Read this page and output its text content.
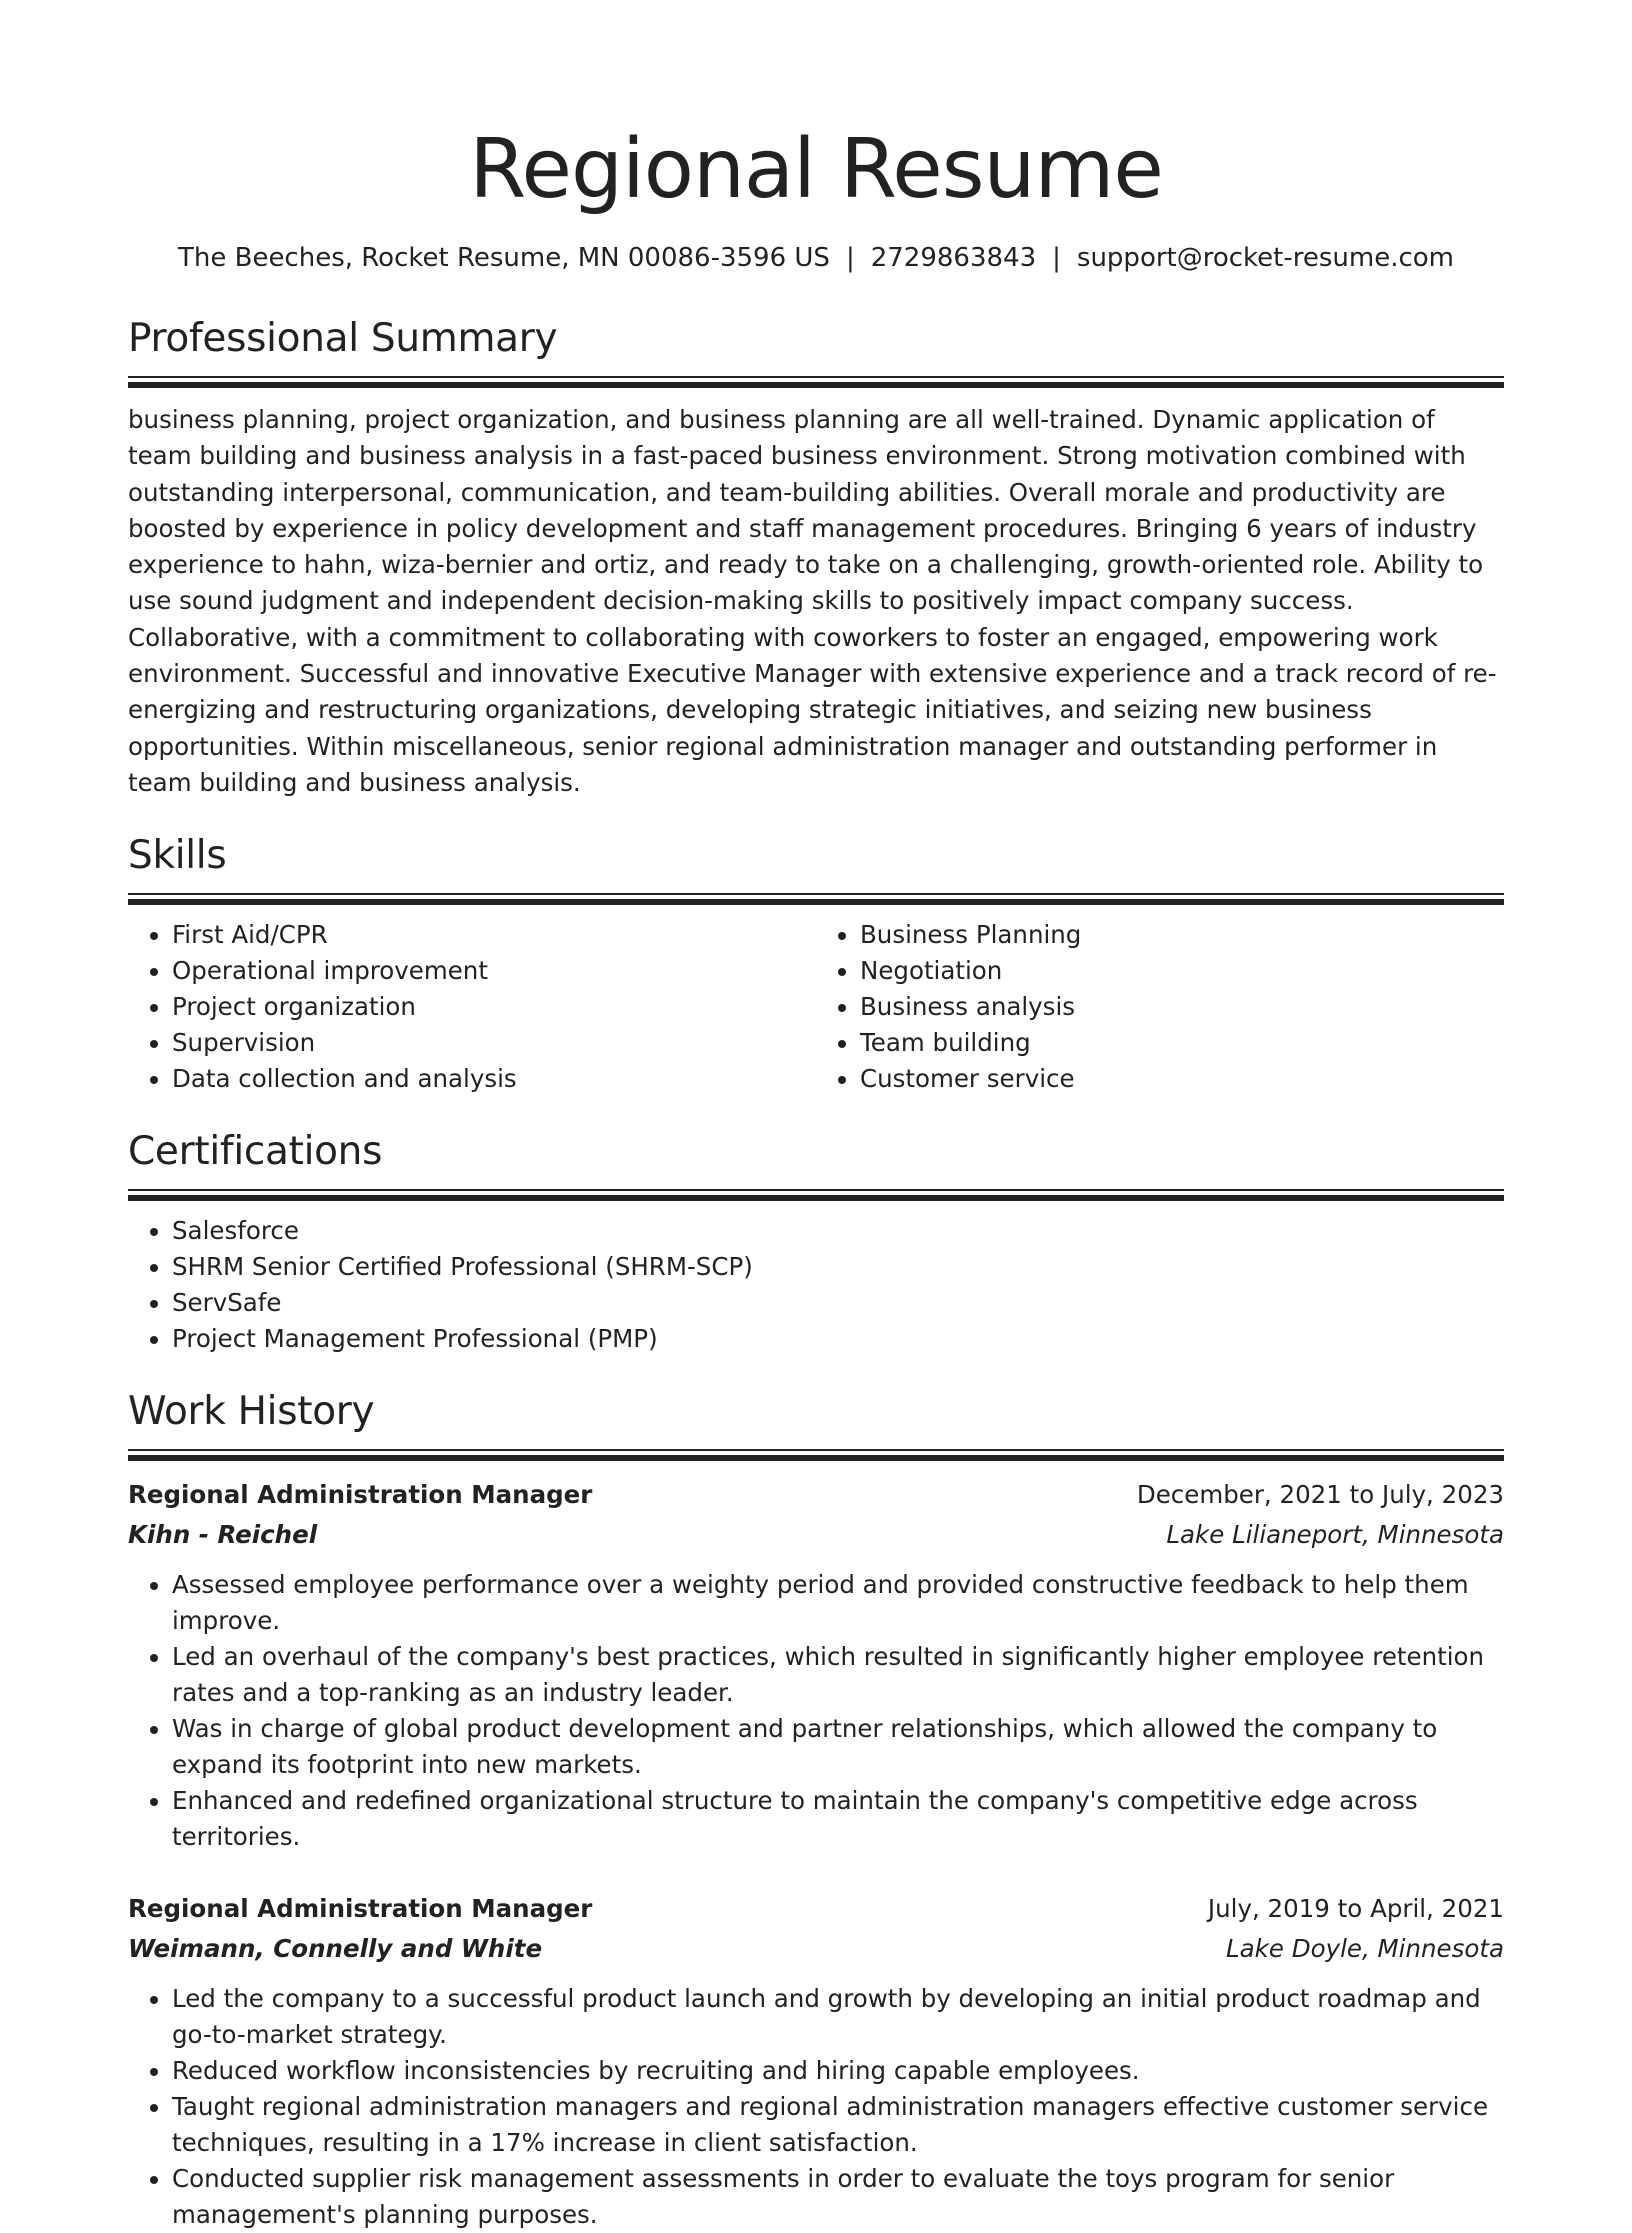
Regional Resume
The Beeches, Rocket Resume, MN 00086-3596 US | 2729863843 | support@rocket-resume.com
Professional Summary
business planning, project organization, and business planning are all well-trained. Dynamic application of team building and business analysis in a fast-paced business environment. Strong motivation combined with outstanding interpersonal, communication, and team-building abilities. Overall morale and productivity are boosted by experience in policy development and staff management procedures. Bringing 6 years of industry experience to hahn, wiza-bernier and ortiz, and ready to take on a challenging, growth-oriented role. Ability to use sound judgment and independent decision-making skills to positively impact company success. Collaborative, with a commitment to collaborating with coworkers to foster an engaged, empowering work environment. Successful and innovative Executive Manager with extensive experience and a track record of re-energizing and restructuring organizations, developing strategic initiatives, and seizing new business opportunities. Within miscellaneous, senior regional administration manager and outstanding performer in team building and business analysis.
Skills
• First Aid/CPR
• Operational improvement
• Project organization
• Supervision
• Data collection and analysis
• Business Planning
• Negotiation
• Business analysis
• Team building
• Customer service
Certifications
• Salesforce
• SHRM Senior Certified Professional (SHRM-SCP)
• ServSafe
• Project Management Professional (PMP)
Work History
Regional Administration Manager	December, 2021 to July, 2023
Kihn - Reichel	Lake Lilianeport, Minnesota
• Assessed employee performance over a weighty period and provided constructive feedback to help them improve.
• Led an overhaul of the company's best practices, which resulted in significantly higher employee retention rates and a top-ranking as an industry leader.
• Was in charge of global product development and partner relationships, which allowed the company to expand its footprint into new markets.
• Enhanced and redefined organizational structure to maintain the company's competitive edge across territories.
Regional Administration Manager	July, 2019 to April, 2021
Weimann, Connelly and White	Lake Doyle, Minnesota
• Led the company to a successful product launch and growth by developing an initial product roadmap and go-to-market strategy.
• Reduced workflow inconsistencies by recruiting and hiring capable employees.
• Taught regional administration managers and regional administration managers effective customer service techniques, resulting in a 17% increase in client satisfaction.
• Conducted supplier risk management assessments in order to evaluate the toys program for senior management's planning purposes.
